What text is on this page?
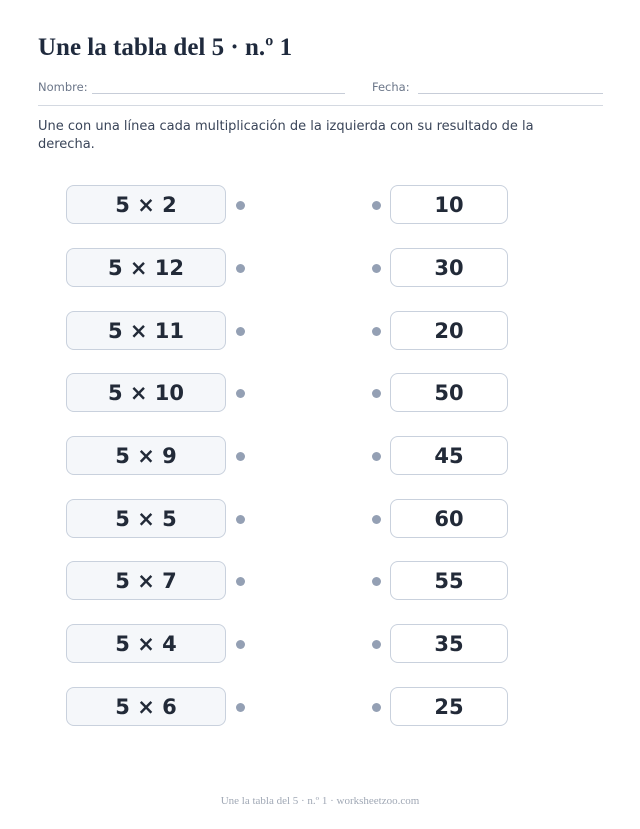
Une la tabla del 5 · n.º 1
Nombre:	Fecha:
Une con una línea cada multiplicación de la izquierda con su resultado de la derecha.
5 × 2	10
5 × 12	30
5 × 11	20
5 × 10	50
5 × 9	45
5 × 5	60
5 × 7	55
5 × 4	35
5 × 6	25
Une la tabla del 5 · n.º 1 · worksheetzoo.com
